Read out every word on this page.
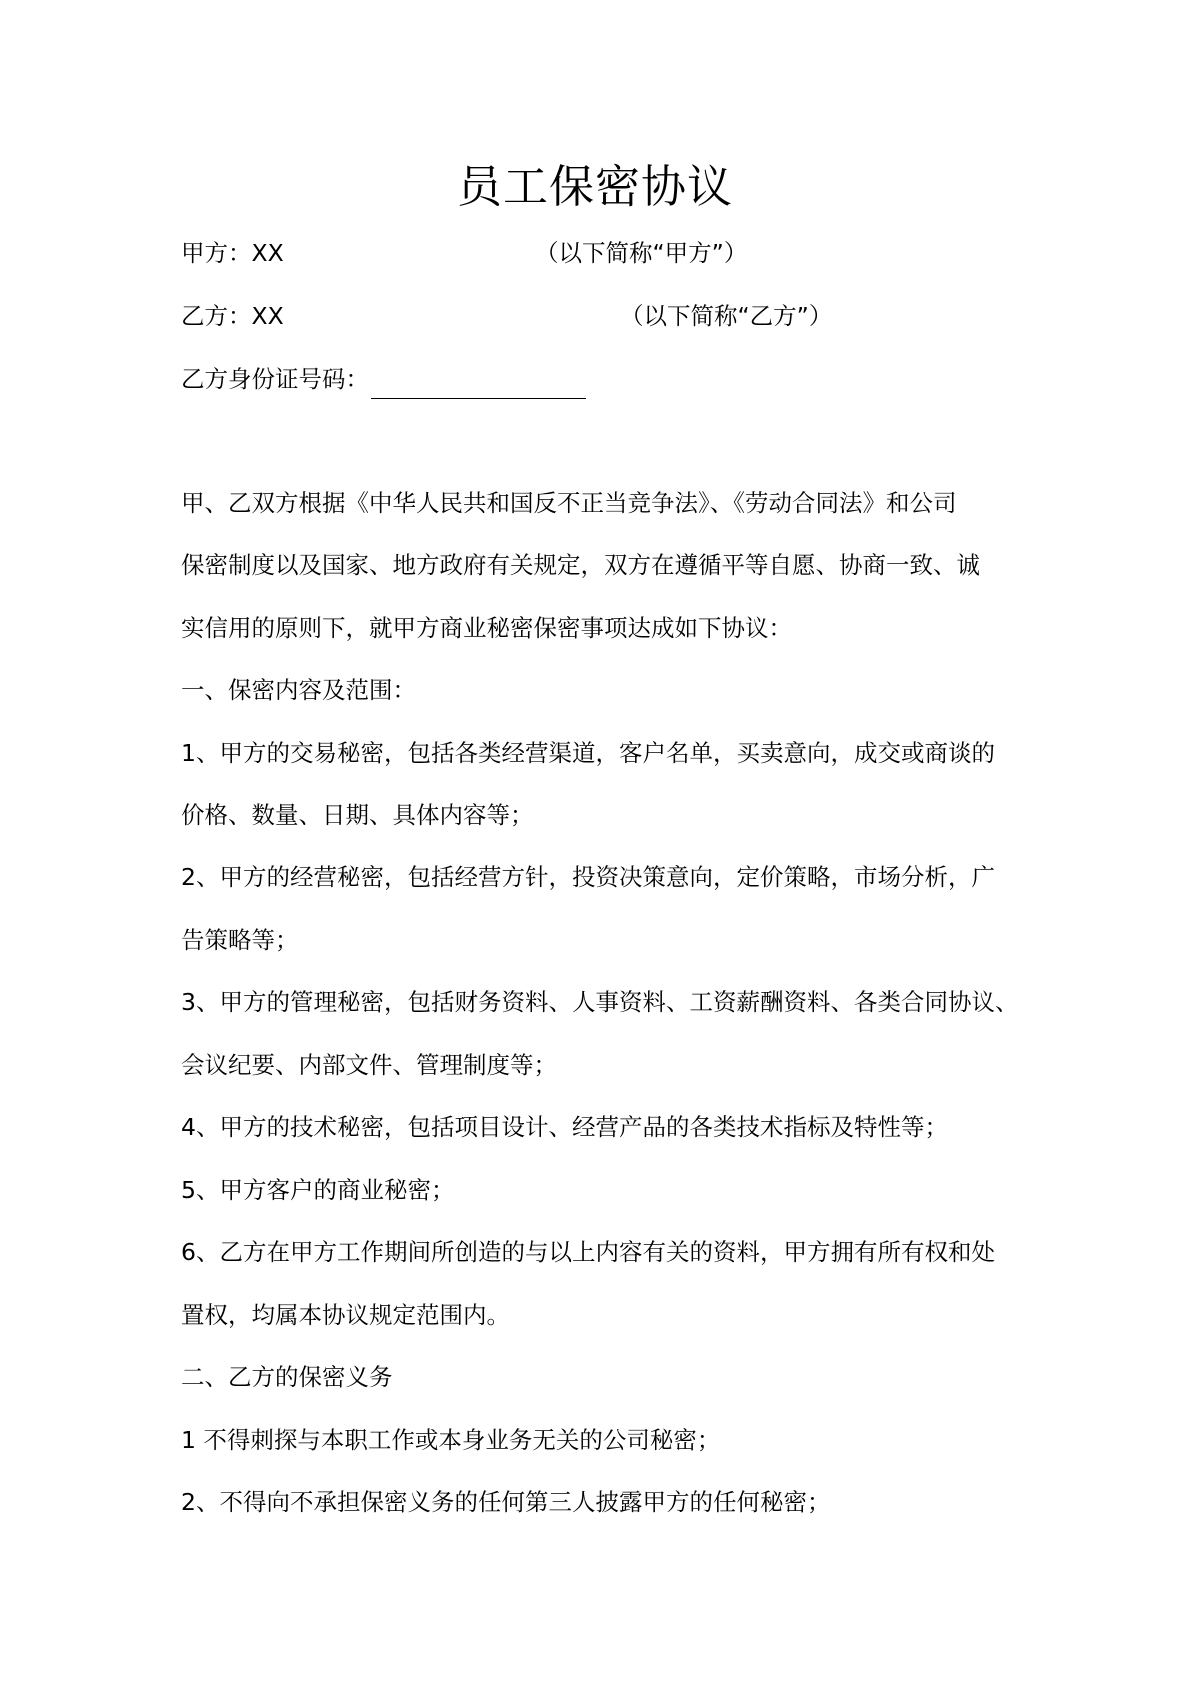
员工保密协议
甲方：XX	（以下简称“甲方”）
乙方：XX	（以下简称“乙方”）
乙方身份证号码：
甲、乙双方根据《中华人民共和国反不正当竞争法》、《劳动合同法》和公司
保密制度以及国家、地方政府有关规定，双方在遵循平等自愿、协商一致、诚
实信用的原则下，就甲方商业秘密保密事项达成如下协议：
一、保密内容及范围：
1、甲方的交易秘密，包括各类经营渠道，客户名单，买卖意向，成交或商谈的
价格、数量、日期、具体内容等；
2、甲方的经营秘密，包括经营方针，投资决策意向，定价策略，市场分析，广
告策略等；
3、甲方的管理秘密，包括财务资料、人事资料、工资薪酬资料、各类合同协议、
会议纪要、内部文件、管理制度等；
4、甲方的技术秘密，包括项目设计、经营产品的各类技术指标及特性等；
5、甲方客户的商业秘密；
6、乙方在甲方工作期间所创造的与以上内容有关的资料，甲方拥有所有权和处
置权，均属本协议规定范围内。
二、乙方的保密义务
1 不得刺探与本职工作或本身业务无关的公司秘密；
2、不得向不承担保密义务的任何第三人披露甲方的任何秘密；
